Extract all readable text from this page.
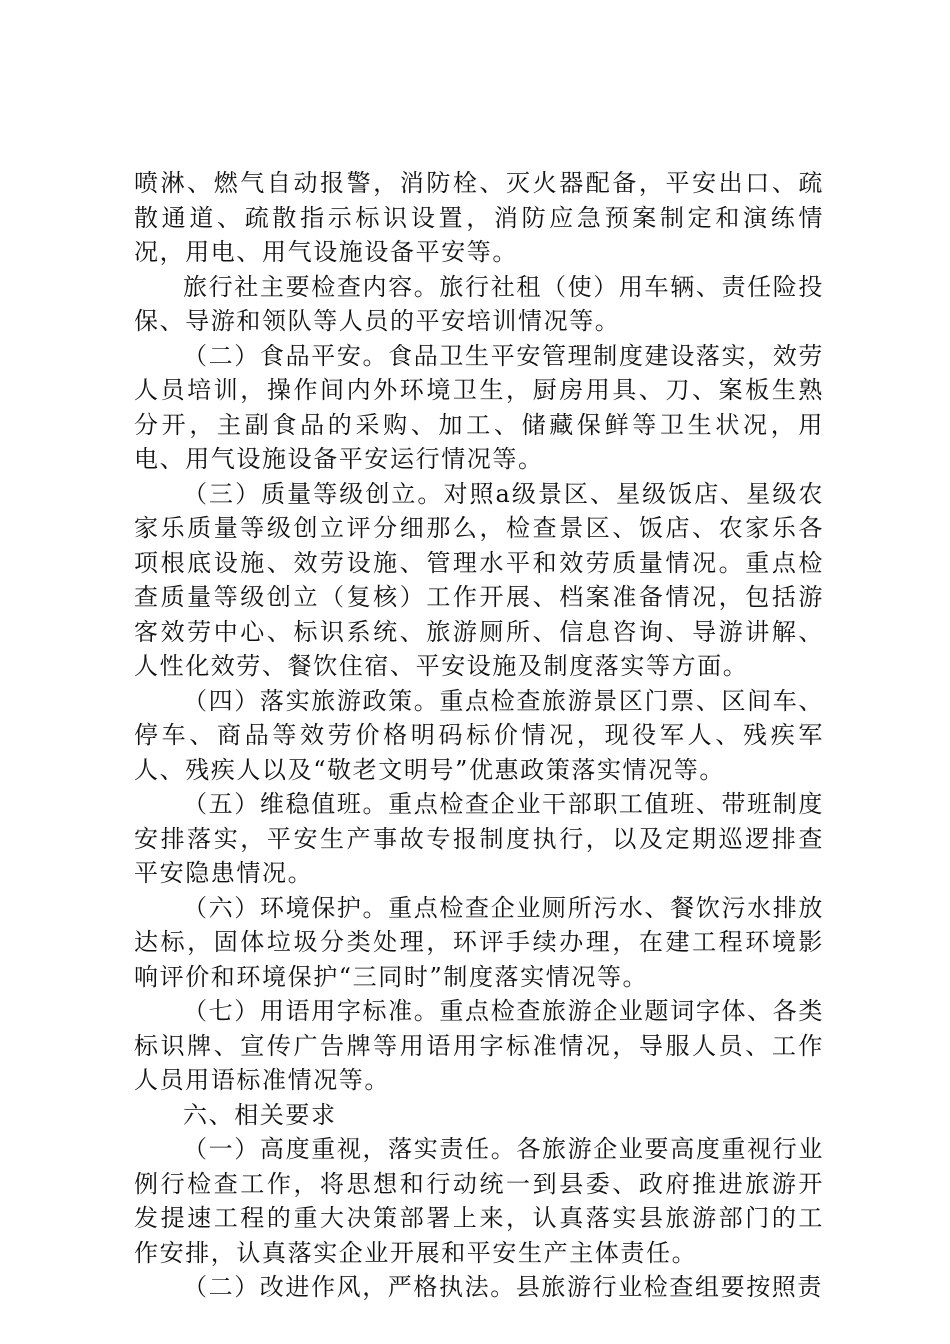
喷淋、燃气自动报警，消防栓、灭火器配备，平安出口、疏散通道、疏散指示标识设置，消防应急预案制定和演练情况，用电、用气设施设备平安等。

旅行社主要检查内容。旅行社租（使）用车辆、责任险投保、导游和领队等人员的平安培训情况等。

（二）食品平安。食品卫生平安管理制度建设落实，效劳人员培训，操作间内外环境卫生，厨房用具、刀、案板生熟分开，主副食品的采购、加工、储藏保鲜等卫生状况，用电、用气设施设备平安运行情况等。

（三）质量等级创立。对照a级景区、星级饭店、星级农家乐质量等级创立评分细那么，检查景区、饭店、农家乐各项根底设施、效劳设施、管理水平和效劳质量情况。重点检查质量等级创立（复核）工作开展、档案准备情况，包括游客效劳中心、标识系统、旅游厕所、信息咨询、导游讲解、人性化效劳、餐饮住宿、平安设施及制度落实等方面。

（四）落实旅游政策。重点检查旅游景区门票、区间车、停车、商品等效劳价格明码标价情况，现役军人、残疾军人、残疾人以及“敬老文明号”优惠政策落实情况等。

（五）维稳值班。重点检查企业干部职工值班、带班制度安排落实，平安生产事故专报制度执行，以及定期巡逻排查平安隐患情况。

（六）环境保护。重点检查企业厕所污水、餐饮污水排放达标，固体垃圾分类处理，环评手续办理，在建工程环境影响评价和环境保护“三同时”制度落实情况等。

（七）用语用字标准。重点检查旅游企业题词字体、各类标识牌、宣传广告牌等用语用字标准情况，导服人员、工作人员用语标准情况等。

六、相关要求

（一）高度重视，落实责任。各旅游企业要高度重视行业例行检查工作，将思想和行动统一到县委、政府推进旅游开发提速工程的重大决策部署上来，认真落实县旅游部门的工作安排，认真落实企业开展和平安生产主体责任。

（二）改进作风，严格执法。县旅游行业检查组要按照责
